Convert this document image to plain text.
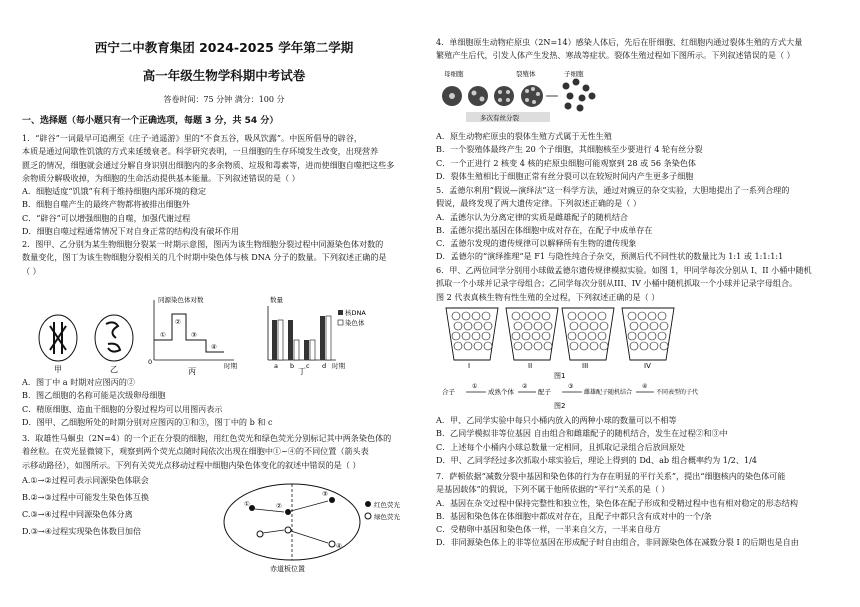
西宁二中教育集团 2024-2025 学年第二学期
高一年级生物学科期中考试卷
答卷时间：75 分钟 满分：100 分
一、选择题（每小题只有一个正确选项，每题 3 分，共 54 分）

1．“辟谷”一词最早可追溯至《庄子·逍遥游》里的“不食五谷，吸风饮露”。中医所倡导的辟谷，

本质是通过间歇性饥饿的方式来延缓衰老。科学研究表明，一旦细胞的生存环境发生改变，出现营养

匮乏的情况，细胞就会通过分解自身识别出细胞内的多余物质、垃圾和毒素等，进而使细胞自噬把这些多

余物质分解吸收掉，为细胞的生命活动提供基本能量。下列叙述错误的是（ ）

A．细胞适度“饥饿”有利于维持细胞内部环境的稳定

B．细胞自噬产生的最终产物都将被排出细胞外

C．“辟谷”可以增强细胞的自噬，加强代谢过程

D．细胞自噬过程通常情况下对自身正常的结构没有破坏作用

2．图甲、乙分别为某生物细胞分裂某一时期示意图，图丙为该生物细胞分裂过程中同源染色体对数的

数量变化，图丁为该生物细胞分裂相关的几个时期中染色体与核 DNA 分子的数量。下列叙述正确的是

（ ）

甲	乙
同源染色体对数
①
②
③
④
0	时期
丙
数量
a b c d
核DNA
染色体
时期
丁

A．图丁中 a 时期对应图丙的②

B．图乙细胞的名称可能是次级卵母细胞

C．精原细胞、造血干细胞的分裂过程均可以用图丙表示

D．图甲、乙细胞所处的时期分别对应图丙的①和③，图丁中的 b 和 c

3．取雄性马蛔虫（2N=4）的一个正在分裂的细胞，用红色荧光和绿色荧光分别标记其中两条染色体的

着丝粒。在荧光显微镜下，观察到两个荧光点随时间依次出现在细胞中①~④的不同位置（箭头表

示移动路径），如图所示。下列有关荧光点移动过程中细胞内染色体变化的叙述中错误的是（ ）

A.①→②过程可表示同源染色体联会

B.②→③过程中可能发生染色体互换

C.③→④过程中同源染色体分离

D.③→④过程实现染色体数目加倍

①	②
③
④
红色荧光
绿色荧光
赤道板位置

4．单细胞原生动物疟原虫（2N=14）感染人体后，先后在肝细胞、红细胞内通过裂体生殖的方式大量

繁殖产生后代，引发人体产生发热、寒战等症状。裂体生殖过程如下图所示。下列叙述错误的是（ ）

母细胞	裂殖体	子细胞
多次有丝分裂

A．原生动物疟原虫的裂体生殖方式属于无性生殖

B．一个裂殖体最终产生 20 个子细胞，其细胞核至少要进行 4 轮有丝分裂

C．一个正进行 2 核变 4 核的疟原虫细胞可能观察到 28 或 56 条染色体

D．裂体生殖相比于细胞正常有丝分裂可以在较短时间内产生更多子细胞

5．孟德尔利用“假说—演绎法”这一科学方法，通过对豌豆的杂交实验，大胆地提出了一系列合理的

假说，最终发现了两大遗传定律。下列叙述正确的是（ ）

A．孟德尔认为分离定律的实质是雌雄配子的随机结合

B．孟德尔提出基因在体细胞中成对存在，在配子中成单存在

C．孟德尔发现的遗传规律可以解释所有生物的遗传现象

D．孟德尔的“演绎推理”是 F1 与隐性纯合子杂交，预测后代不同性状的数量比为 1:1 或 1:1:1:1

6．甲、乙两位同学分别用小球做孟德尔遗传规律模拟实验。如图 1，甲同学每次分别从 I、II 小桶中随机

抓取一个小球并记录字母组合；乙同学每次分别从III、IV 小桶中随机抓取一个小球并记录字母组合。

图 2 代表真核生物有性生殖的全过程，下列叙述正确的是（ ）

I	II	III	IV
图1
合子
①
成熟个体
②
配子
③
雌雄配子随机结合
④
不同表型的子代
图2

A．甲、乙同学实验中每只小桶内放入的两种小球的数量可以不相等

B．乙同学模拟非等位基因 自由组合和雌雄配子的随机结合，发生在过程②和③中

C．上述每个小桶内小球总数量一定相同，且抓取记录组合后放回原处

D．甲、乙同学经过多次抓取小球实验后，理论上得到的 Dd、ab 组合概率约为 1/2、1/4

7．萨顿依据“减数分裂中基因和染色体的行为存在明显的平行关系”，提出“细胞核内的染色体可能

是基因载体”的假说，下列不属于他所依据的“平行”关系的是（ ）

A．基因在杂交过程中保持完整性和独立性，染色体在配子形成和受精过程中也有相对稳定的形态结构

B．基因和染色体在体细胞中都成对存在，且配子中都只含有成对中的一个/条

C．受精卵中基因和染色体一样，一半来自父方，一半来自母方

D．非同源染色体上的非等位基因在形成配子时自由组合，非同源染色体在减数分裂 I 的后期也是自由
